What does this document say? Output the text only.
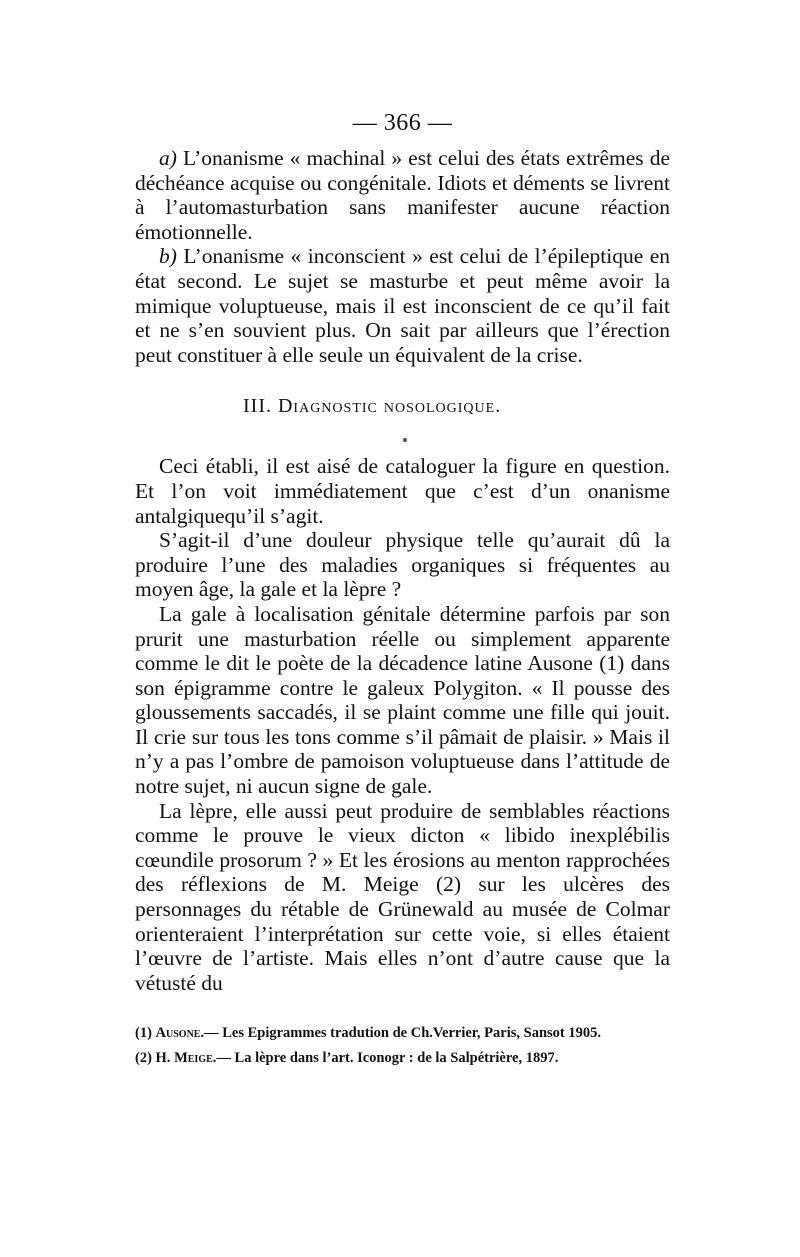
— 366 —

a) L’onanisme « machinal » est celui des états extrêmes de déchéance acquise ou congénitale. Idiots et déments se livrent à l’automasturbation sans manifester aucune réaction émotionnelle.

b) L’onanisme « inconscient » est celui de l’épileptique en état second. Le sujet se masturbe et peut même avoir la mimique voluptueuse, mais il est inconscient de ce qu’il fait et ne s’en souvient plus. On sait par ailleurs que l’érection peut constituer à elle seule un équivalent de la crise.

III. Diagnostic nosologique.

Ceci établi, il est aisé de cataloguer la figure en question. Et l’on voit immédiatement que c’est d’un onanisme antalgiquequ’il s’agit.

S’agit-il d’une douleur physique telle qu’aurait dû la produire l’une des maladies organiques si fréquentes au moyen âge, la gale et la lèpre ?

La gale à localisation génitale détermine parfois par son prurit une masturbation réelle ou simplement apparente comme le dit le poète de la décadence latine Ausone (1) dans son épigramme contre le galeux Polygiton. « Il pousse des gloussements saccadés, il se plaint comme une fille qui jouit. Il crie sur tous les tons comme s’il pâmait de plaisir. » Mais il n’y a pas l’ombre de pamoison voluptueuse dans l’attitude de notre sujet, ni aucun signe de gale.

La lèpre, elle aussi peut produire de semblables réactions comme le prouve le vieux dicton « libido inexplébilis cœundile prosorum ? » Et les érosions au menton rapprochées des réflexions de M. Meige (2) sur les ulcères des personnages du rétable de Grünewald au musée de Colmar orienteraient l’interprétation sur cette voie, si elles étaient l’œuvre de l’artiste. Mais elles n’ont d’autre cause que la vétusté du

(1) Ausone.— Les Epigrammes tradution de Ch.Verrier, Paris, Sansot 1905.

(2) H. Meige.— La lèpre dans l’art. Iconogr : de la Salpétrière, 1897.
